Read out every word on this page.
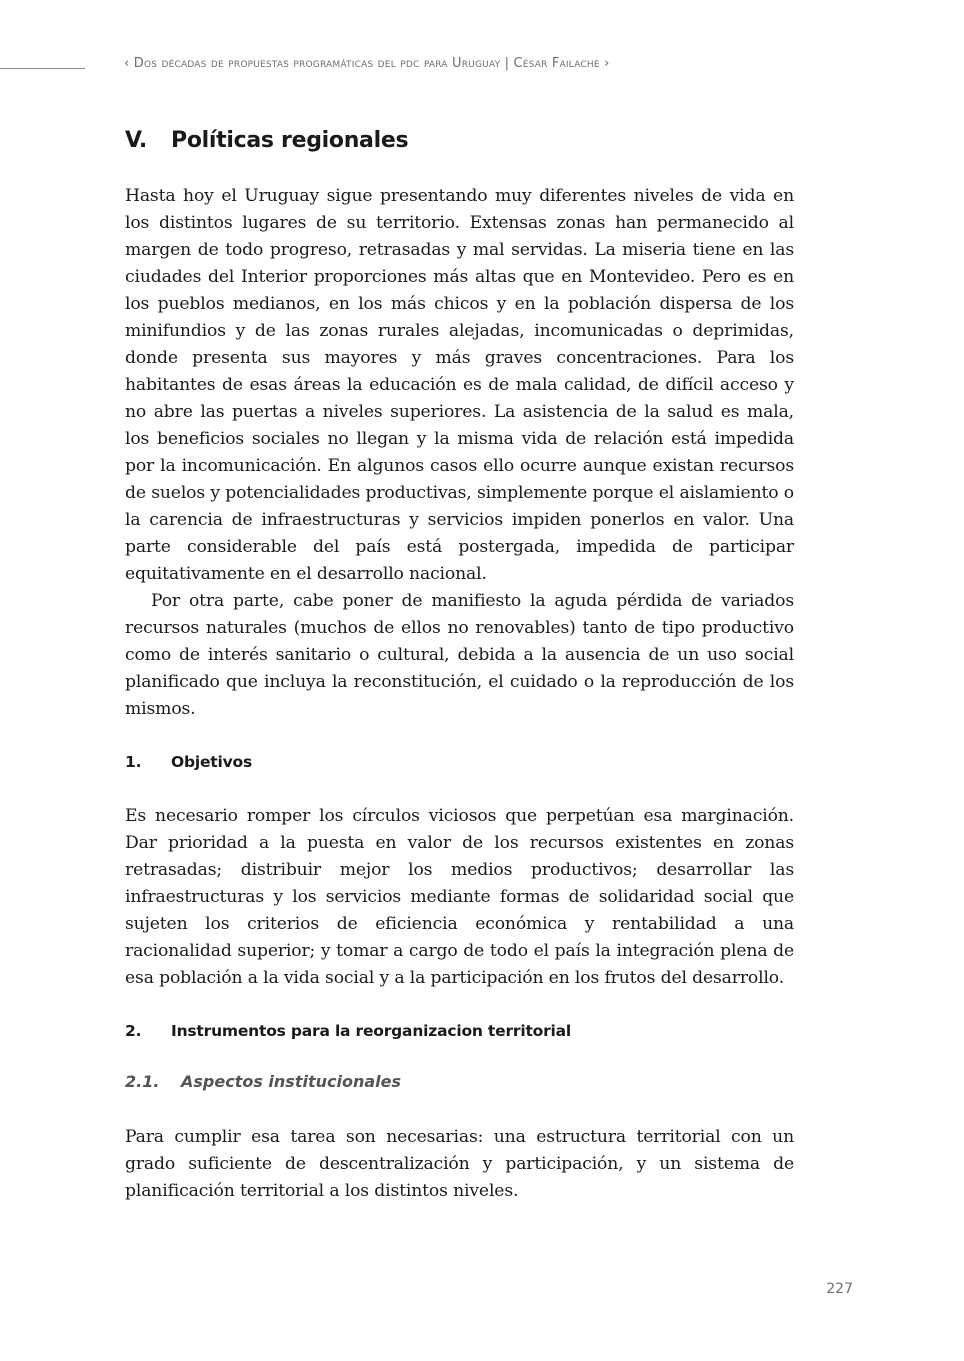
‹ Dos décadas de propuestas programáticas del pdc para Uruguay | César Failache ›
V.	Políticas regionales

Hasta hoy el Uruguay sigue presentando muy diferentes niveles de vida en los distintos lugares de su territorio. Extensas zonas han permanecido al margen de todo progreso, retrasadas y mal servidas. La miseria tiene en las ciudades del Interior proporciones más altas que en Montevideo. Pero es en los pueblos medianos, en los más chicos y en la población dispersa de los minifundios y de las zonas rurales alejadas, incomunicadas o deprimidas, donde presenta sus mayores y más graves concentraciones. Para los habitantes de esas áreas la educación es de mala calidad, de difícil acceso y no abre las puertas a niveles superiores. La asistencia de la salud es mala, los beneficios sociales no llegan y la misma vida de relación está impedida por la incomunicación. En algunos casos ello ocurre aunque existan recursos de suelos y potencialidades productivas, simplemente porque el aislamiento o la carencia de infraestructuras y servicios impiden ponerlos en valor. Una parte considerable del país está postergada, impedida de participar equitativamente en el desarrollo nacional.

Por otra parte, cabe poner de manifiesto la aguda pérdida de variados recursos naturales (muchos de ellos no renovables) tanto de tipo productivo como de interés sanitario o cultural, debida a la ausencia de un uso social planificado que incluya la reconstitución, el cuidado o la reproducción de los mismos.

1.	Objetivos

Es necesario romper los círculos viciosos que perpetúan esa marginación. Dar prioridad a la puesta en valor de los recursos existentes en zonas retrasadas; distribuir mejor los medios productivos; desarrollar las infraestructuras y los servicios mediante formas de solidaridad social que sujeten los criterios de eficiencia económica y rentabilidad a una racionalidad superior; y tomar a cargo de todo el país la integración plena de esa población a la vida social y a la participación en los frutos del desarrollo.

2.	Instrumentos para la reorganizacion territorial
2.1.	Aspectos institucionales

Para cumplir esa tarea son necesarias: una estructura territorial con un grado suficiente de descentralización y participación, y un sistema de planificación territorial a los distintos niveles.

227
